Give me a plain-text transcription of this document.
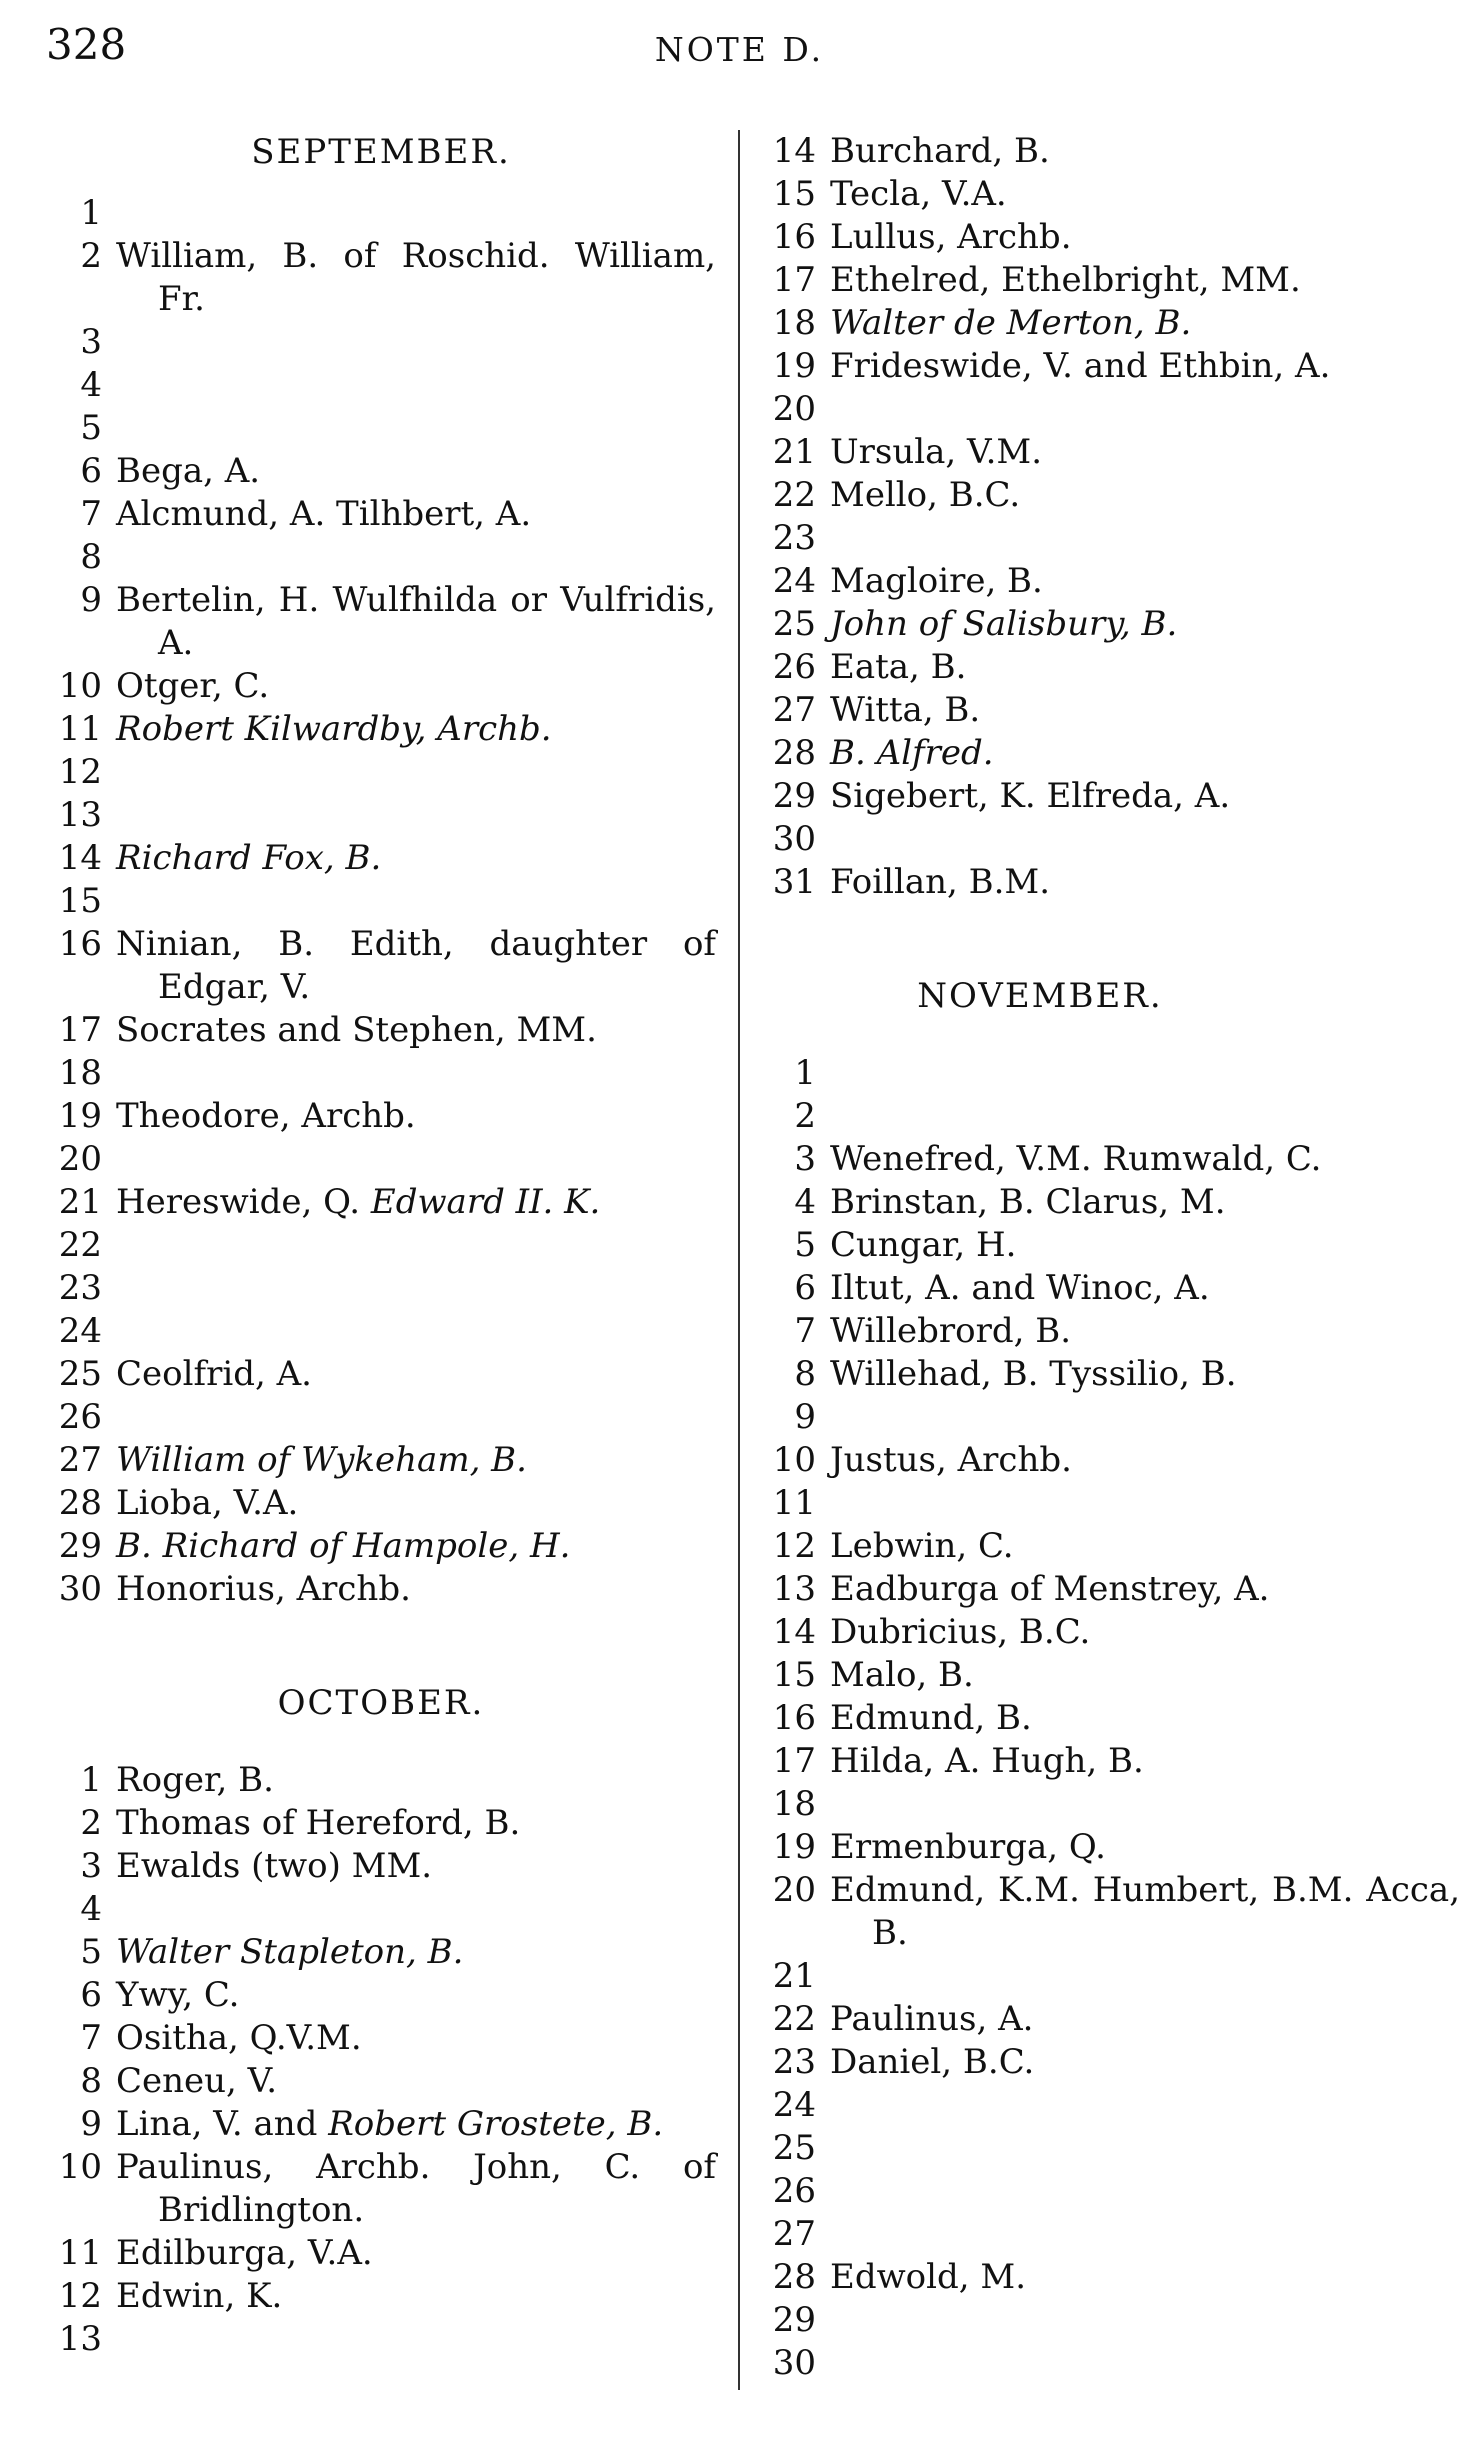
328	NOTE D.
SEPTEMBER.
1
2 William, B. of Roschid. William, Fr.
3
4
5
6 Bega, A.
7 Alcmund, A. Tilhbert, A.
8
9 Bertelin, H. Wulfhilda or Vulfridis, A.
10 Otger, C.
11 Robert Kilwardby, Archb.
12
13
14 Richard Fox, B.
15
16 Ninian, B. Edith, daughter of Edgar, V.
17 Socrates and Stephen, MM.
18
19 Theodore, Archb.
20
21 Hereswide, Q. Edward II. K.
22
23
24
25 Ceolfrid, A.
26
27 William of Wykeham, B.
28 Lioba, V.A.
29 B. Richard of Hampole, H.
30 Honorius, Archb.
OCTOBER.
1 Roger, B.
2 Thomas of Hereford, B.
3 Ewalds (two) MM.
4
5 Walter Stapleton, B.
6 Ywy, C.
7 Ositha, Q.V.M.
8 Ceneu, V.
9 Lina, V. and Robert Grostete, B.
10 Paulinus, Archb. John, C. of Bridlington.
11 Edilburga, V.A.
12 Edwin, K.
13
14 Burchard, B.
15 Tecla, V.A.
16 Lullus, Archb.
17 Ethelred, Ethelbright, MM.
18 Walter de Merton, B.
19 Frideswide, V. and Ethbin, A.
20
21 Ursula, V.M.
22 Mello, B.C.
23
24 Magloire, B.
25 John of Salisbury, B.
26 Eata, B.
27 Witta, B.
28 B. Alfred.
29 Sigebert, K. Elfreda, A.
30
31 Foillan, B.M.
NOVEMBER.
1
2
3 Wenefred, V.M. Rumwald, C.
4 Brinstan, B. Clarus, M.
5 Cungar, H.
6 Iltut, A. and Winoc, A.
7 Willebrord, B.
8 Willehad, B. Tyssilio, B.
9
10 Justus, Archb.
11
12 Lebwin, C.
13 Eadburga of Menstrey, A.
14 Dubricius, B.C.
15 Malo, B.
16 Edmund, B.
17 Hilda, A. Hugh, B.
18
19 Ermenburga, Q.
20 Edmund, K.M. Humbert, B.M. Acca, B.
21
22 Paulinus, A.
23 Daniel, B.C.
24
25
26
27
28 Edwold, M.
29
30
